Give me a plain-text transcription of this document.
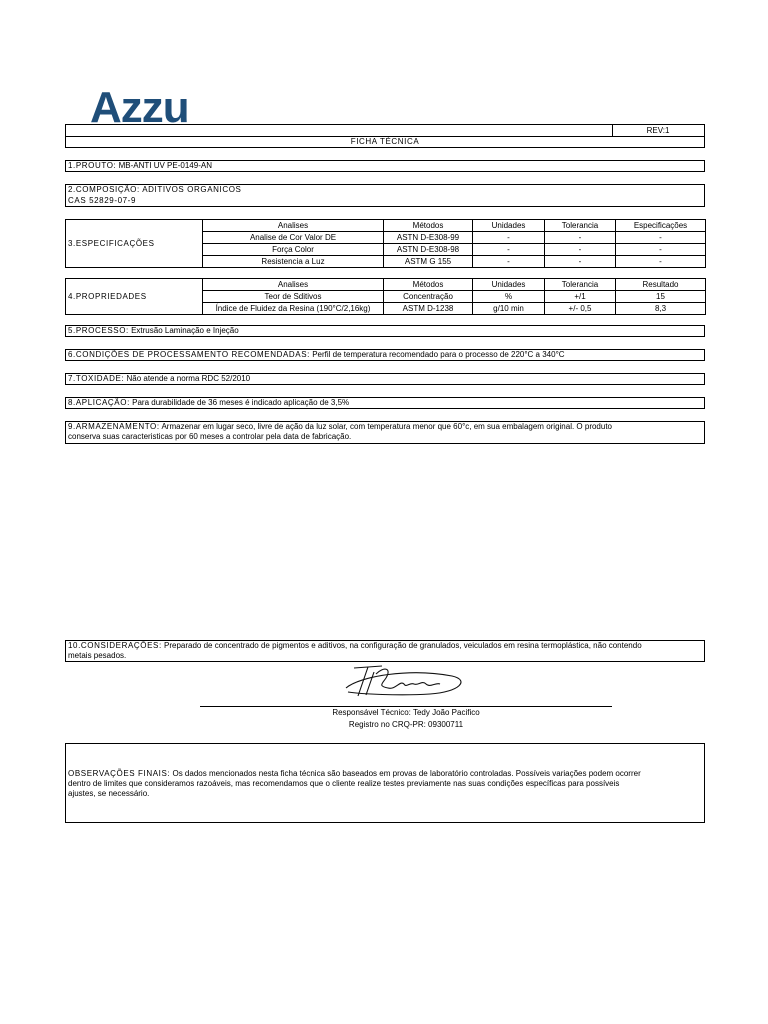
Azzu	REV:1
FICHA TÉCNICA
1.PROUTO: MB-ANTI UV PE-0149-AN
2.COMPOSIÇÃO: ADITIVOS ORGANICOS
CAS 52829-07-9
3.ESPECIFICAÇÕES	Analises	Métodos	Unidades	Tolerancia	Especificações
	Analise de Cor Valor DE	ASTN D-E308-99	-	-	-
	Força Color	ASTN D-E308-98	-	-	-
	Resistencia a Luz	ASTM G 155	-	-	-
4.PROPRIEDADES	Analises	Métodos	Unidades	Tolerancia	Resultado
	Teor de Sditivos	Concentração	%	+/1	15
	Índice de Fluidez da Resina (190°C/2,16kg)	ASTM D-1238	g/10 min	+/- 0,5	8,3
5.PROCESSO: Extrusão Laminação e Injeção
6.CONDIÇÕES DE PROCESSAMENTO RECOMENDADAS: Perfil de temperatura recomendado para o processo de 220°C a 340°C
7.TOXIDADE: Não atende a norma RDC 52/2010
8.APLICAÇÃO: Para durabilidade de 36 meses é indicado aplicação de 3,5%
9.ARMAZENAMENTO: Armazenar em lugar seco, livre de ação da luz solar, com temperatura menor que 60°c, em sua embalagem original. O produto
conserva suas caracteristicas por 60 meses a controlar pela data de fabricação.
10.CONSIDERAÇÕES: Preparado de concentrado de pigmentos e aditivos, na configuração de granulados, veiculados em resina termoplástica, não contendo
metais pesados.
Responsável Técnico: Tedy João Pacifico
Registro no CRQ-PR: 09300711
OBSERVAÇÕES FINAIS: Os dados mencionados nesta ficha técnica são baseados em provas de laboratório controladas. Possíveis variações podem ocorrer
dentro de limites que consideramos razoáveis, mas recomendamos que o cliente realize testes previamente nas suas condições específicas para possíveis
ajustes, se necessário.
